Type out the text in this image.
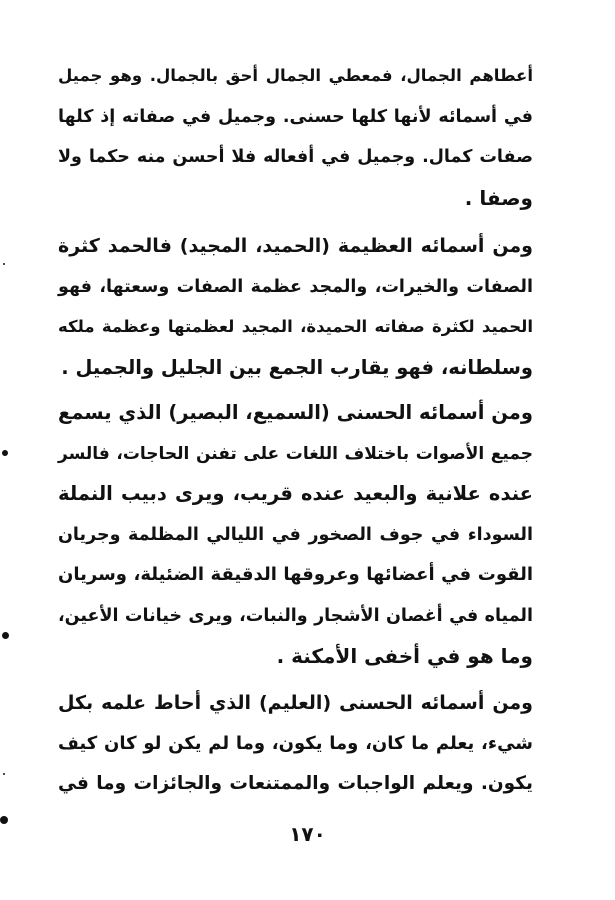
أعطاهم الجمال، فمعطي الجمال أحق بالجمال. وهو جميل
في أسمائه لأنها كلها حسنى. وجميل في صفاته إذ كلها
صفات كمال. وجميل في أفعاله فلا أحسن منه حكما ولا
وصفا .
ومن أسمائه العظيمة (الحميد، المجيد) فالحمد كثرة
الصفات والخيرات، والمجد عظمة الصفات وسعتها، فهو
الحميد لكثرة صفاته الحميدة، المجيد لعظمتها وعظمة ملكه
وسلطانه، فهو يقارب الجمع بين الجليل والجميل .
ومن أسمائه الحسنى (السميع، البصير) الذي يسمع
جميع الأصوات باختلاف اللغات على تفنن الحاجات، فالسر
عنده علانية والبعيد عنده قريب، ويرى دبيب النملة
السوداء في جوف الصخور في الليالي المظلمة وجريان
القوت في أعضائها وعروقها الدقيقة الضئيلة، وسريان
المياه في أغصان الأشجار والنبات، ويرى خيانات الأعين،
وما هو في أخفى الأمكنة .
ومن أسمائه الحسنى (العليم) الذي أحاط علمه بكل
شيء، يعلم ما كان، وما يكون، وما لم يكن لو كان كيف
يكون. ويعلم الواجبات والممتنعات والجائزات وما في
١٧٠
